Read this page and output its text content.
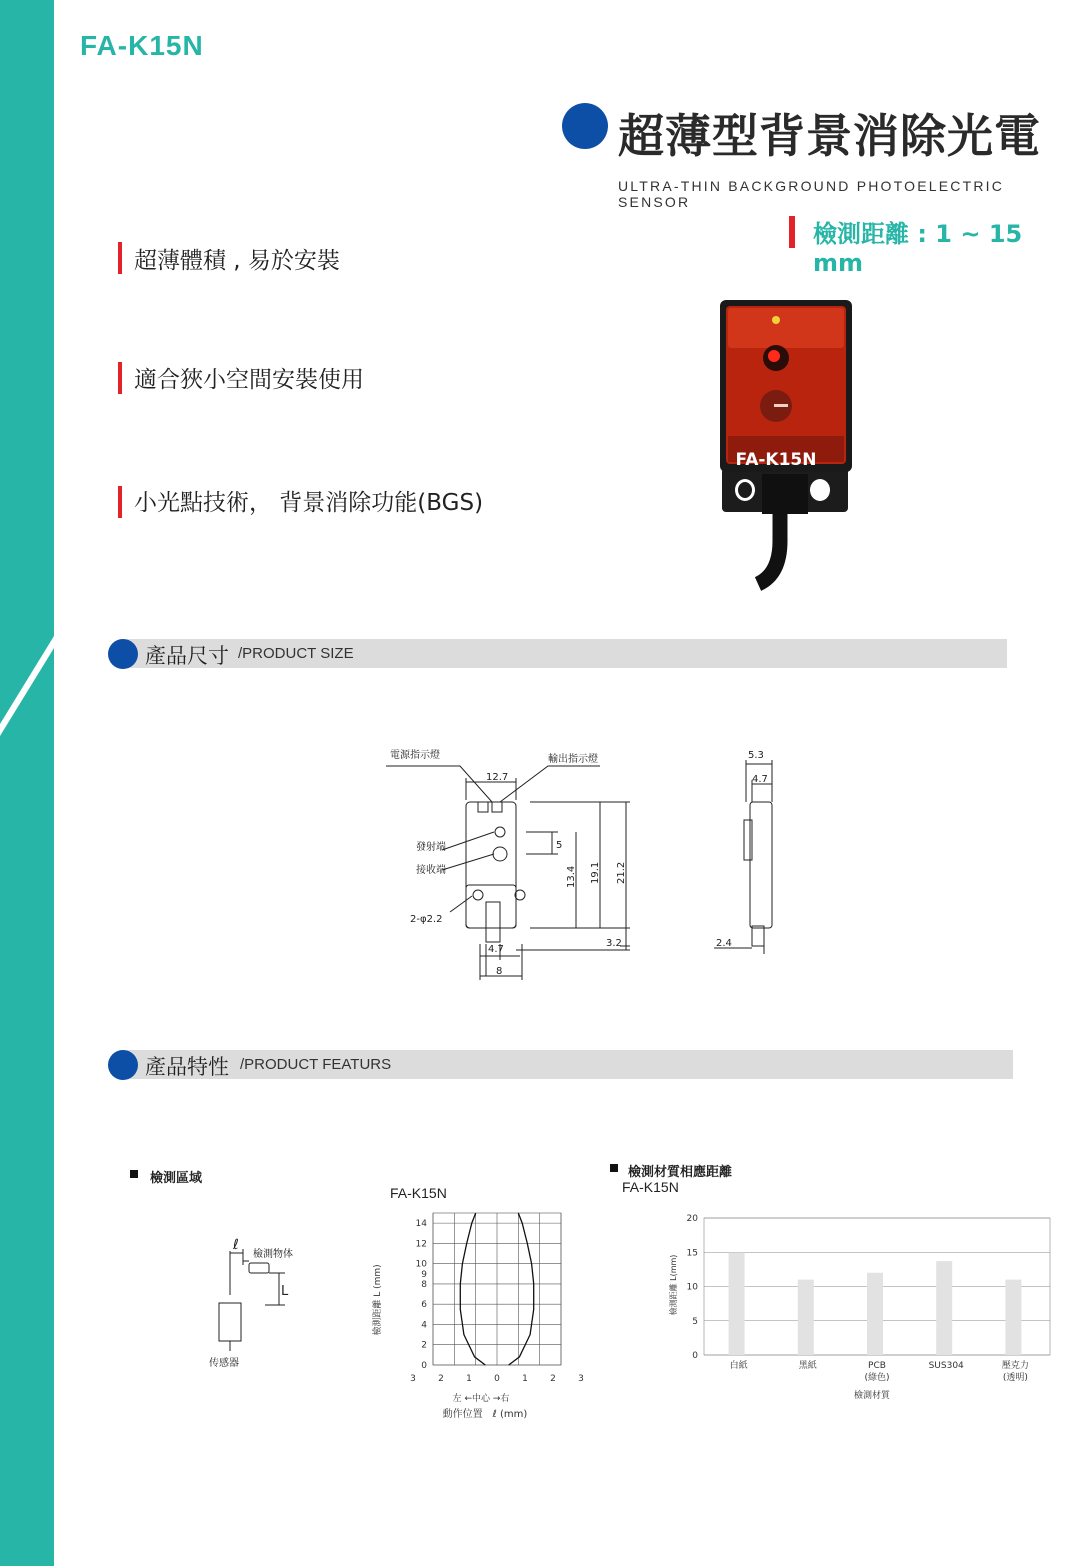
FA-K15N
超薄型背景消除光電
ULTRA-THIN BACKGROUND PHOTOELECTRIC SENSOR
檢測距離 : 1 ~ 15 mm
超薄體積 , 易於安裝
適合狹小空間安裝使用
小光點技術， 背景消除功能(BGS)
FA-K15N
產品尺寸 /PRODUCT SIZE
電源指示燈	輸出指示燈
發射端
接收端
2-φ2.2
12.7
5
13.4 19.1 21.2
3.2
4.7
8
5.3
4.7
2.4
產品特性 /PRODUCT FEATURS
檢測區域
ℓ
檢測物体
L
传感器
FA-K15N
0
2
4
6
8
9
10
12
14
3 2 1 0 1 2 3
檢測距離 L (mm)
左 ←中心 →右
動作位置　ℓ (mm)
檢測材質相應距離
FA-K15N
0
5
10
15
20
白紙	黑紙	PCB
(綠色)
SUS304	壓克力
(透明)
檢測距離 L(mm)
檢測材質
